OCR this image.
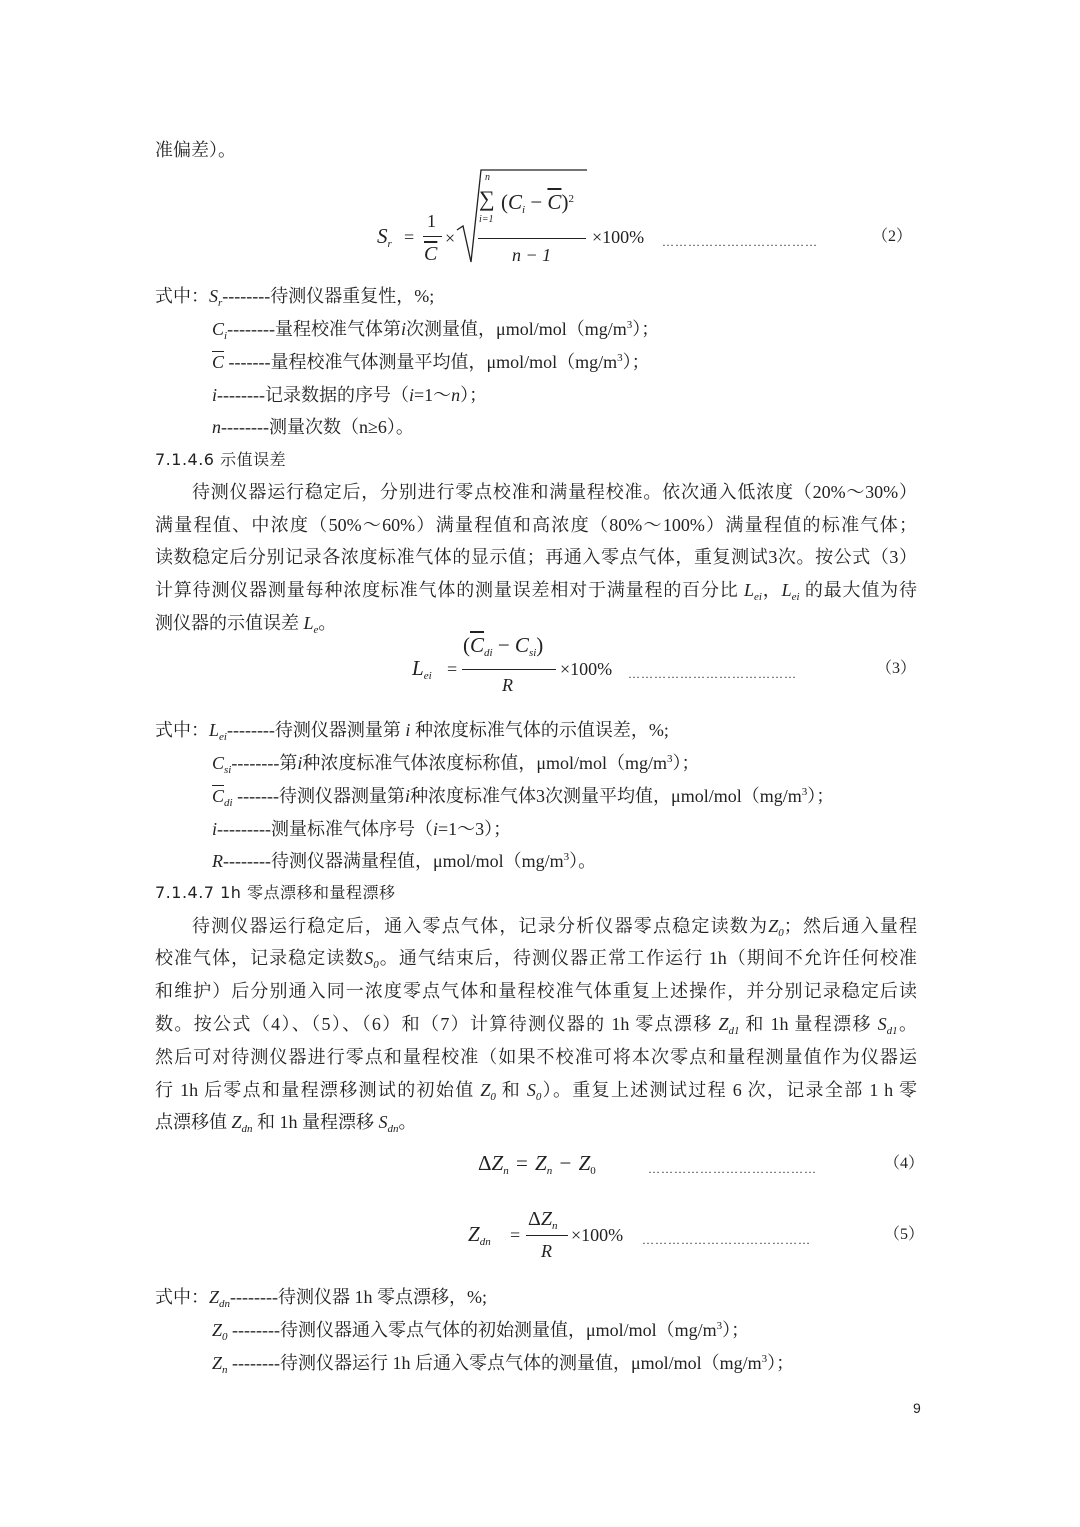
准偏差）。
$S_r$ =
1
$\overline{C}$
×
n
∑
i=1
$(C_i - \overline{C})^2$
n − 1
×100% ………………………………	（2）
式中：$S_r--------$待测仪器重复性，%;
$C_i--------$量程校准气体第i次测量值，μmol/$mol(mg/m^3)$；
$\overline{C}$ -------量程校准气体测量平均值，μmol/$mol(mg/m^3)$；
i--------记录数据的序号（i=1～n）；
n--------测量次数（n≥6）。
7.1.4.6 示值误差
待测仪器运行稳定后，分别进行零点校准和满量程校准。依次通入低浓度（20%～30%）
满量程值、中浓度（50%～60%）满量程值和高浓度（80%～100%）满量程值的标准气体；
读数稳定后分别记录各浓度标准气体的显示值；再通入零点气体，重复测试3次。按公式（3）
计算待测仪器测量每种浓度标准气体的测量误差相对于满量程的百分比 $L_{ei}$，$L_{ei}$ 的最大值为待
测仪器的示值误差 $L_e$。
$L_{ei}$ =
$(\overline{C}_{di} - C_{si})$
R
×100% …………………………………	（3）
式中：$L_{ei}--------$待测仪器测量第 i 种浓度标准气体的示值误差，%;
$C_{si}--------$第i种浓度标准气体浓度标称值，μmol/$mol(mg/m^3)$；
$\overline{C}_{di}$ -------待测仪器测量第i种浓度标准气体3次测量平均值，μmol/$mol(mg/m^3)$；
i---------测量标准气体序号（i=1～3）；
R--------待测仪器满量程值，μmol/$mol(mg/m^3)$。
7.1.4.7 1h 零点漂移和量程漂移
待测仪器运行稳定后，通入零点气体，记录分析仪器零点稳定读数为$Z_0$；然后通入量程
校准气体，记录稳定读数$S_0$。通气结束后，待测仪器正常工作运行 1h（期间不允许任何校准
和维护）后分别通入同一浓度零点气体和量程校准气体重复上述操作，并分别记录稳定后读
数。按公式（4）、（5）、（6）和（7）计算待测仪器的 1h 零点漂移 $Z_{d1}$ 和 1h 量程漂移 $S_{d1}$。
然后可对待测仪器进行零点和量程校准（如果不校准可将本次零点和量程测量值作为仪器运
行 1h 后零点和量程漂移测试的初始值 $Z_0$ 和 $S_0$）。重复上述测试过程 6 次，记录全部 1 h 零
点漂移值 $Z_{dn}$ 和 1h 量程漂移 $S_{dn}$。
$\Delta Z_n = Z_n - Z_0$	…………………………………	（4）
$Z_{dn}$ =
$\Delta Z_n$
R
×100% …………………………………	（5）
式中：$Z_{dn}--------$待测仪器 1h 零点漂移，%;
$Z_0$ --------待测仪器通入零点气体的初始测量值，μmol/$mol(mg/m^3)$；
$Z_n$ --------待测仪器运行 1h 后通入零点气体的测量值，μmol/$mol(mg/m^3)$；
9
